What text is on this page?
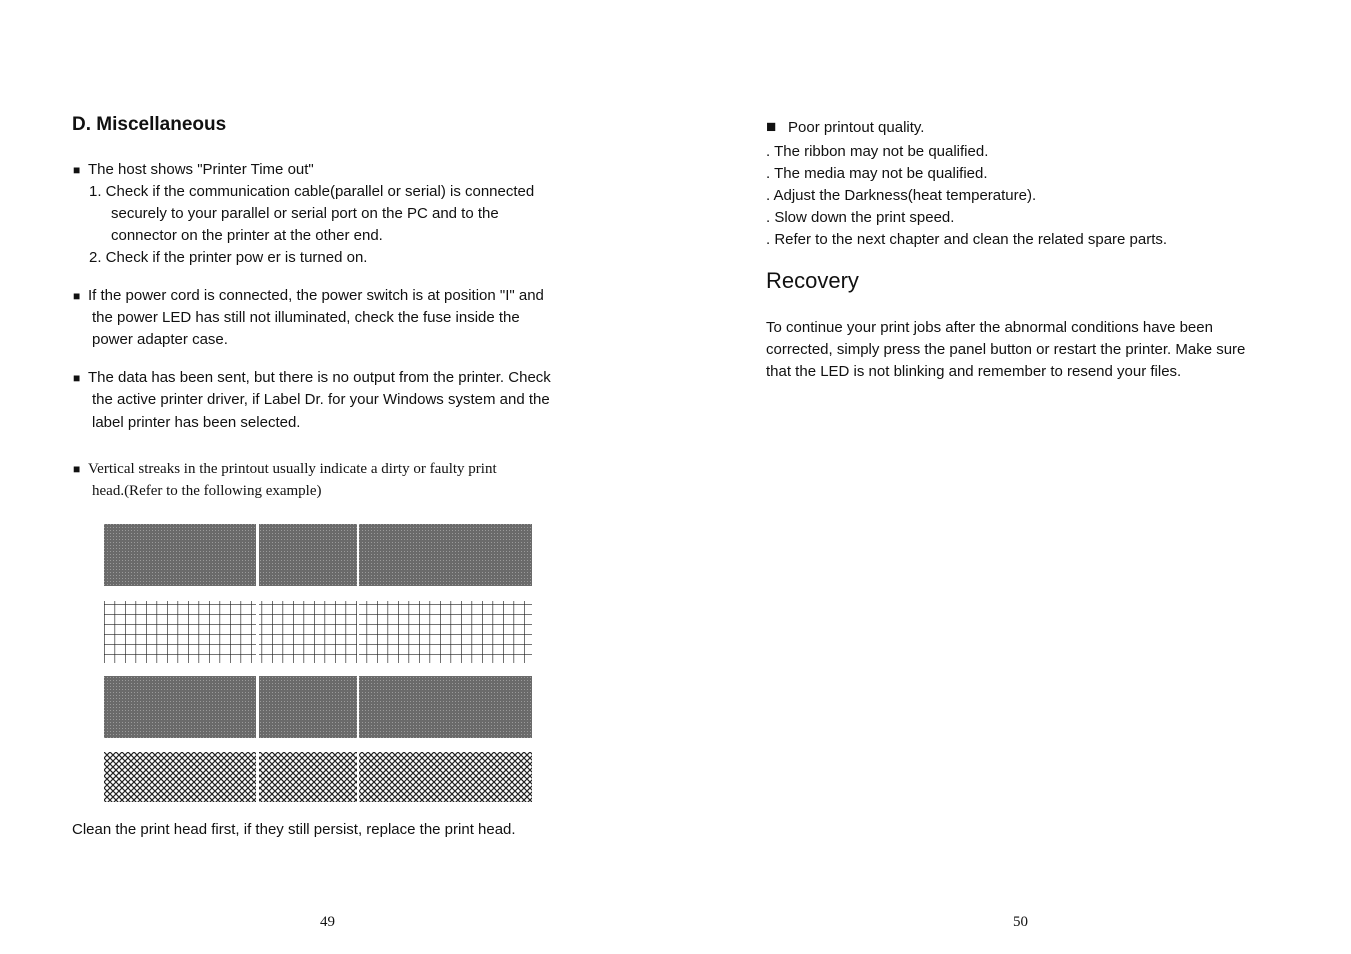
D. Miscellaneous
■ The host shows "Printer Time out"
1. Check if the communication cable(parallel or serial) is connected
securely to your parallel or serial port on the PC and to the
connector on the printer at the other end.
2. Check if the printer pow er is turned on.
■ If the power cord is connected, the power switch is at position "I" and
the power LED has still not illuminated, check the fuse inside the
power adapter case.
■ The data has been sent, but there is no output from the printer. Check
the active printer driver, if Label Dr. for your Windows system and the
label printer has been selected.
■ Vertical streaks in the printout usually indicate a dirty or faulty print
head.(Refer to the following example)
Clean the print head first, if they still persist, replace the print head.
49
■ Poor printout quality.
. The ribbon may not be qualified.
. The media may not be qualified.
. Adjust the Darkness(heat temperature).
. Slow down the print speed.
. Refer to the next chapter and clean the related spare parts.
Recovery
To continue your print jobs after the abnormal conditions have been
corrected, simply press the panel button or restart the printer. Make sure
that the LED is not blinking and remember to resend your files.
50
